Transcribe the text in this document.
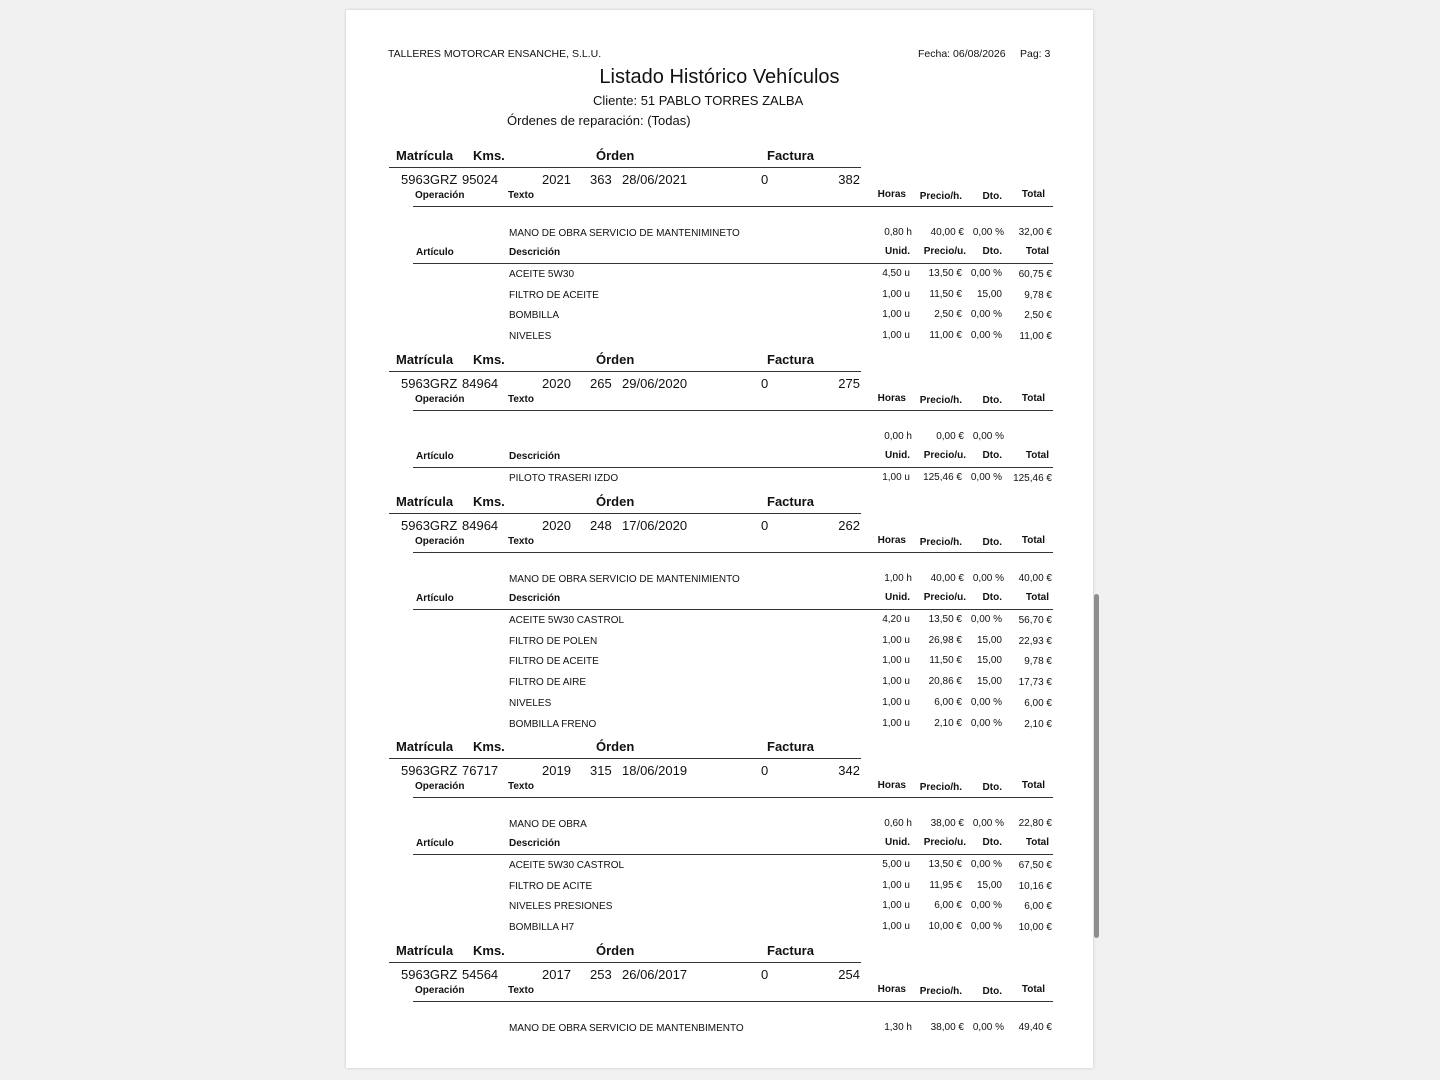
TALLERES MOTORCAR ENSANCHE, S.L.U.	Fecha: 06/08/2026 Pag: 3
Listado Histórico Vehículos
Cliente: 51 PABLO TORRES ZALBA
Órdenes de reparación: (Todas)
Matrícula Kms.	Órden	Factura
5963GRZ 95024	2021 363 28/06/2021	0	382
Operación	Texto	Horas	Precio/h.	Dto.	Total
MANO DE OBRA SERVICIO DE MANTENIMINETO	0,80 h	40,00 € 0,00 %	32,00 €
Artículo	Descrición	Unid.	Precio/u.	Dto.	Total
ACEITE 5W30	4,50 u	13,50 € 0,00 %	60,75 €
FILTRO DE ACEITE	1,00 u	11,50 €	15,00	9,78 €
BOMBILLA	1,00 u	2,50 € 0,00 %	2,50 €
NIVELES	1,00 u	11,00 € 0,00 %	11,00 €
Matrícula Kms.	Órden	Factura
5963GRZ 84964	2020 265 29/06/2020	0	275
Operación	Texto	Horas	Precio/h.	Dto.	Total
0,00 h	0,00 € 0,00 %
Artículo	Descrición	Unid.	Precio/u.	Dto.	Total
PILOTO TRASERI IZDO	1,00 u	125,46 € 0,00 %	125,46 €
Matrícula Kms.	Órden	Factura
5963GRZ 84964	2020 248 17/06/2020	0	262
Operación	Texto	Horas	Precio/h.	Dto.	Total
MANO DE OBRA SERVICIO DE MANTENIMIENTO	1,00 h	40,00 € 0,00 %	40,00 €
Artículo	Descrición	Unid.	Precio/u.	Dto.	Total
ACEITE 5W30 CASTROL	4,20 u	13,50 € 0,00 %	56,70 €
FILTRO DE POLEN	1,00 u	26,98 €	15,00	22,93 €
FILTRO DE ACEITE	1,00 u	11,50 €	15,00	9,78 €
FILTRO DE AIRE	1,00 u	20,86 €	15,00	17,73 €
NIVELES	1,00 u	6,00 € 0,00 %	6,00 €
BOMBILLA FRENO	1,00 u	2,10 € 0,00 %	2,10 €
Matrícula Kms.	Órden	Factura
5963GRZ 76717	2019 315 18/06/2019	0	342
Operación	Texto	Horas	Precio/h.	Dto.	Total
MANO DE OBRA	0,60 h	38,00 € 0,00 %	22,80 €
Artículo	Descrición	Unid.	Precio/u.	Dto.	Total
ACEITE 5W30 CASTROL	5,00 u	13,50 € 0,00 %	67,50 €
FILTRO DE ACITE	1,00 u	11,95 €	15,00	10,16 €
NIVELES PRESIONES	1,00 u	6,00 € 0,00 %	6,00 €
BOMBILLA H7	1,00 u	10,00 € 0,00 %	10,00 €
Matrícula Kms.	Órden	Factura
5963GRZ 54564	2017 253 26/06/2017	0	254
Operación	Texto	Horas	Precio/h.	Dto.	Total
MANO DE OBRA SERVICIO DE MANTENBIMENTO	1,30 h	38,00 € 0,00 %	49,40 €
